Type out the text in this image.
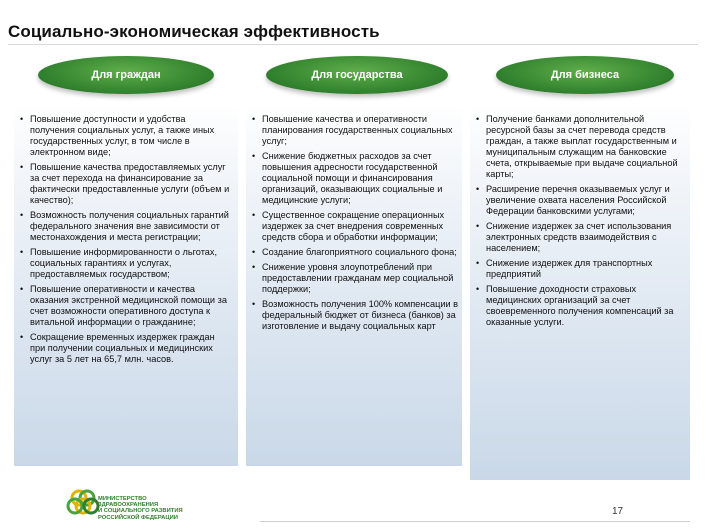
Социально-экономическая эффективность
Для граждан	Для государства	Для бизнеса
• Повышение доступности и удобства получения социальных услуг, а также иных государственных услуг, в том числе в электронном виде;
• Повышение качества предоставляемых услуг за счет перехода на финансирование за фактически предоставленные услуги (объем и качество);
• Возможность получения социальных гарантий федерального значения вне зависимости от местонахождения и места регистрации;
• Повышение информированности о льготах, социальных гарантиях и услугах, предоставляемых государством;
• Повышение оперативности и качества оказания экстренной медицинской помощи за счет возможности оперативного доступа к витальной информации о гражданине;
• Сокращение временных издержек граждан при получении социальных и медицинских услуг за 5 лет на 65,7 млн. часов.
• Повышение качества и оперативности планирования государственных социальных услуг;
• Снижение бюджетных расходов за счет повышения адресности государственной социальной помощи и финансирования организаций, оказывающих социальные и медицинские услуги;
• Существенное сокращение операционных издержек за счет внедрения современных средств сбора и обработки информации;
• Создание благоприятного социального фона;
• Снижение уровня злоупотреблений при предоставлении гражданам мер социальной поддержки;
• Возможность получения 100% компенсации в федеральный бюджет от бизнеса (банков) за изготовление и выдачу социальных карт
• Получение банками дополнительной ресурсной базы за счет перевода средств граждан, а также выплат государственным и муниципальным служащим на банковские счета, открываемые при выдаче социальной карты;
• Расширение перечня оказываемых услуг и увеличение охвата населения Российской Федерации банковскими услугами;
• Снижение издержек за счет использования электронных средств взаимодействия с населением;
• Снижение издержек для транспортных предприятий
• Повышение доходности страховых медицинских организаций за счет своевременного получения компенсаций за оказанные услуги.
МИНИСТЕРСТВО
ЗДРАВООХРАНЕНИЯ
И СОЦИАЛЬНОГО РАЗВИТИЯ
РОССИЙСКОЙ ФЕДЕРАЦИИ
17
